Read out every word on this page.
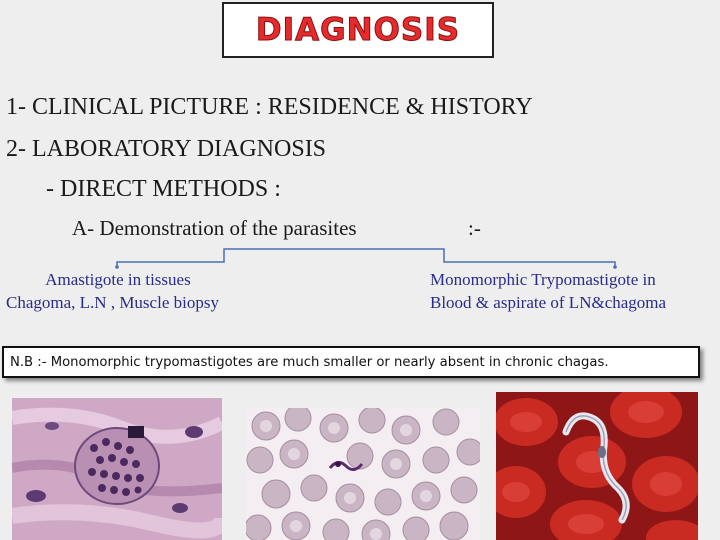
DIAGNOSIS
1- CLINICAL PICTURE : RESIDENCE & HISTORY
2- LABORATORY DIAGNOSIS
- DIRECT METHODS :
A- Demonstration of the parasites	:-
Amastigote in tissues
Chagoma, L.N , Muscle biopsy
Monomorphic Trypomastigote in
Blood & aspirate of LN&chagoma
N.B :- Monomorphic trypomastigotes are much smaller or nearly absent in chronic chagas.
